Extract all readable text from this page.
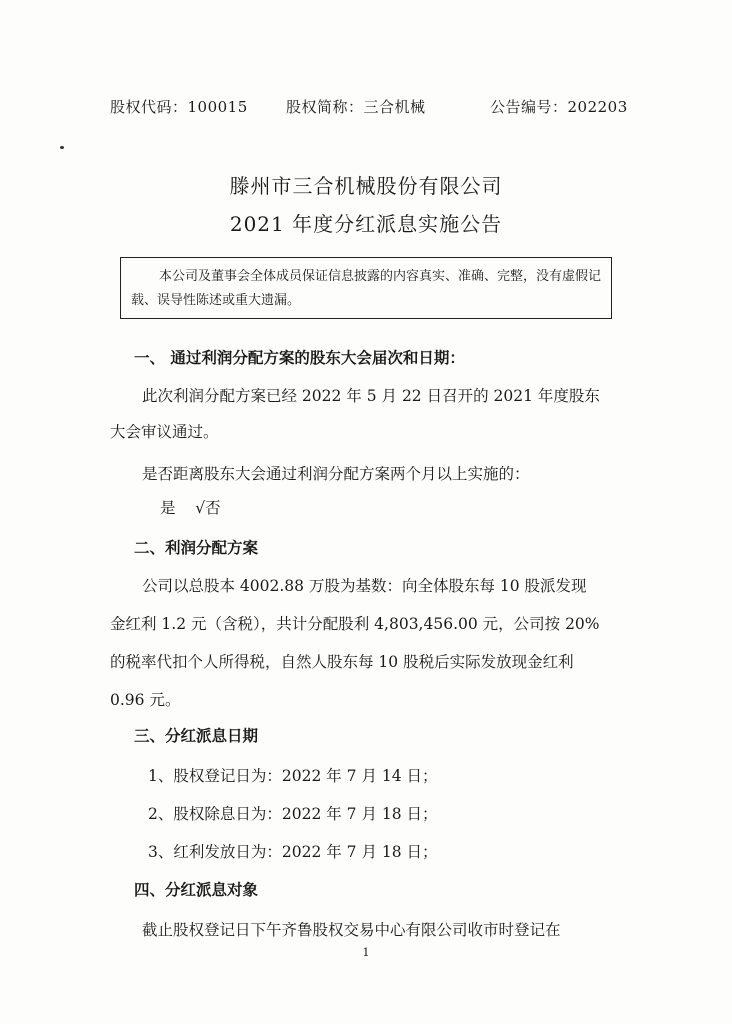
股权代码：100015	股权简称：三合机械	公告编号：202203
滕州市三合机械股份有限公司
2021 年度分红派息实施公告
本公司及董事会全体成员保证信息披露的内容真实、准确、完整，没有虚假记载、误导性陈述或重大遗漏。
一、 通过利润分配方案的股东大会届次和日期：
此次利润分配方案已经 2022 年 5 月 22 日召开的 2021 年度股东
大会审议通过。
是否距离股东大会通过利润分配方案两个月以上实施的：
是    √否
二、利润分配方案
公司以总股本 4002.88 万股为基数：向全体股东每 10 股派发现
金红利 1.2 元（含税），共计分配股利 4,803,456.00 元，公司按 20%
的税率代扣个人所得税，自然人股东每 10 股税后实际发放现金红利
0.96 元。
三、分红派息日期
1、股权登记日为：2022 年 7 月 14 日；
2、股权除息日为：2022 年 7 月 18 日；
3、红利发放日为：2022 年 7 月 18 日；
四、分红派息对象
截止股权登记日下午齐鲁股权交易中心有限公司收市时登记在
1
